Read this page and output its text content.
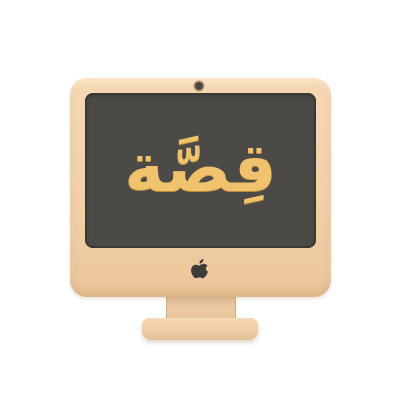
قِصَّة
